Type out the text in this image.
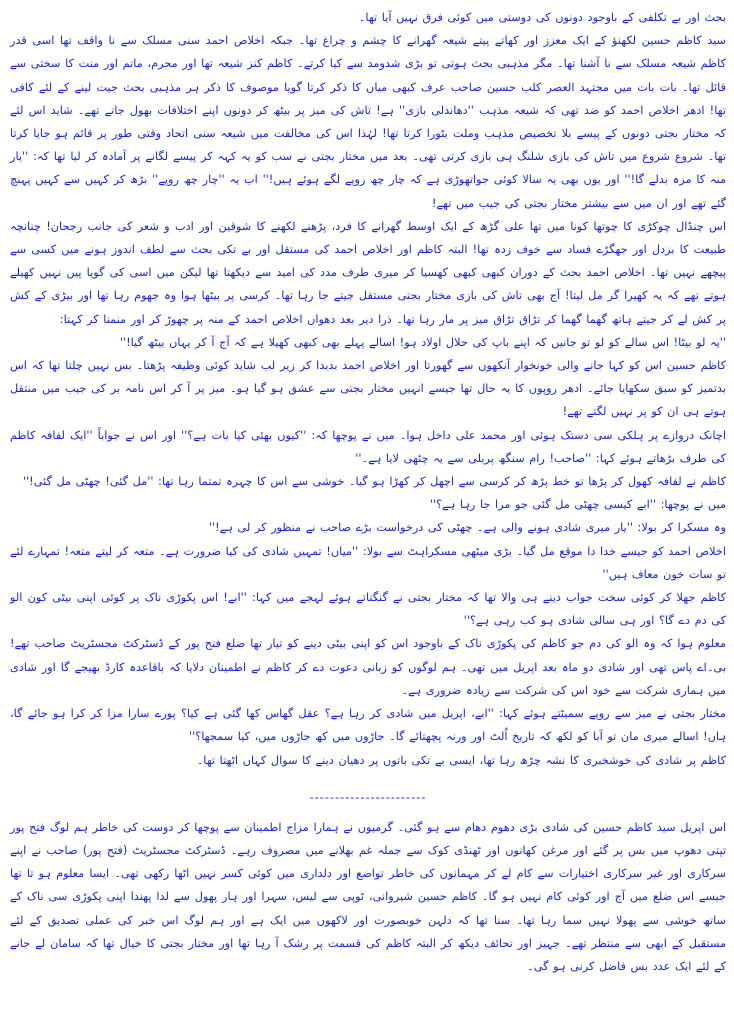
بحث اور بے تکلفی کے باوجود دونوں کی دوستی میں کوئی فرق نہیں آیا تھا۔

سید کاظم حسین لکھنؤ کے ایک معزز اور کھاتے پیتے شیعہ گھرانے کا چشم و چراغ تھا۔ جبکہ اخلاص احمد سنی مسلک سے نا واقف تھا اسی قدر کاظم شیعہ مسلک سے نا آشنا تھا۔ مگر مذہبی بحث ہوتی تو بڑی شدومد سے کیا کرتے۔ کاظم کنز شیعہ تھا اور محرم، ماتم اور منت کا سختی سے قائل تھا۔ بات بات میں مجتہد العصر کلب حسین صاحب عرف کبھی میاں کا ذکر کرتا گویا موصوف کا ذکر ہر مذہبی بحث جیت لینے کے لئے کافی تھا! ادھر اخلاص احمد کو ضد تھی کہ شیعہ مذہب ''دھاندلی بازی'' ہے! تاش کی میز پر بیٹھ کر دونوں اپنے اختلافات بھول جاتے تھے۔ شاید اس لئے کہ مختار بجتی دونوں کے پیسے بلا تخصیص مذہب وملت بٹورا کرتا تھا! لہٰذا اس کی مخالفت میں شیعہ سنی اتحاد وقتی طور پر قائم ہو جایا کرتا تھا۔ شروع شروع میں تاش کی بازی شلنگ ہی بازی کرتی تھی۔ بعد میں مختار بجتی نے سب کو یہ کہہ کر پیسے لگانے پر آمادہ کر لیا تھا کہ: ''یار منہ کا مزہ بدلے گا!'' اور یوں بھی یہ سالا کوئی جواتھوڑی ہے کہ چار چھ روپے لگے ہوئے ہیں!'' اب یہ ''چار چھ روپے'' بڑھ کر کہیں سے کہیں پہنچ گئے تھے اور ان میں سے بیشتر مختار بجتی کی جیب میں تھے!

اس چنڈال چوکڑی کا چوتھا کونا میں تھا علی گڑھ کے ایک اوسط گھرانے کا فرد، پڑھنے لکھنے کا شوقین اور ادب و شعر کی جانب رجحان! چنانچہ طبیعت کا بزدل اور جھگڑے فساد سے خوف زدہ تھا! البتہ کاظم اور اخلاص احمد کی مستقل اور بے تکی بحث سے لطف اندوز ہونے میں کسی سے پیچھے نہیں تھا۔ اخلاص احمد بحث کے دوران کبھی کبھی کھسیا کر میری طرف مدد کی امید سے دیکھتا تھا لیکن میں اسی کی گویا پیں نہیں کھیلے ہوتے تھے کہ یہ کھیرا گر مل لیتا! آج بھی تاش کی بازی مختار بجتی مستقل جیتے جا رہا تھا۔ کرسی پر بیٹھا ہوا وہ جھوم رہا تھا اور بیڑی کے کش پر کش لے کر جیتے ہاتھ گھما گھما کر تڑاق تڑاق میز پر مار رہا تھا۔ ذرا دیر بعد دھواں اخلاص احمد کے منہ پر چھوڑ کر اور منمنا کر کہتا:

''یہ لو بیٹا! اس سالے کو لو تو جانیں کہ اپنے باپ کی حلال اولاد ہو! اسالے پہلے بھی کبھی کھیلا ہے کہ آج آ کر یہاں بیٹھ گیا!''

کاظم حسین اس کو کہا جانے والی خونخوار آنکھوں سے گھورتا اور اخلاص احمد بدبدا کر زیر لب شاید کوئی وظیفہ پڑھتا۔ بس نہیں چلتا تھا کہ اس بدتمیز کو سبق سکھایا جائے۔ ادھر روپوں کا یہ حال تھا جیسے انہیں مختار بجتی سے عشق ہو گیا ہو۔ میز پر آ کر اس نامہ بر کی جیب میں منتقل ہوتے ہی ان کو پر نہیں لگتے تھے!

اچانک دروازے پر ہلکی سی دستک ہوئی اور محمد علی داخل ہوا۔ میں نے پوچھا کہ: ''کیوں بھئی کیا بات ہے؟'' اور اس نے جواباً ''ایک لفافہ کاظم کی طرف بڑھاتے ہوئے کہا: ''صاحب! رام سنگھ پربلی سے یہ چٹھی لایا ہے۔''

کاظم نے لفافہ کھول کر پڑھا تو خط پڑھ کر کرسی سے اچھل کر کھڑا ہو گیا۔ خوشی سے اس کا چہرہ تمتما رہا تھا: ''مل گئی! چھٹی مل گئی!''

میں نے پوچھا: ''ابے کیسی چھٹی مل گئی جو مرا جا رہا ہے؟''

وہ مسکرا کر بولا: ''یار میری شادی ہونے والی ہے۔ چھٹی کی درخواست بڑے صاحب نے منظور کر لی ہے!''

اخلاص احمد کو جیسے خدا دا موقع مل گیا۔ بڑی میٹھی مسکراہٹ سے بولا: ''میاں! تمہیں شادی کی کیا ضرورت ہے۔ متعہ کر لیتے متعہ! تمہارے لئے تو سات خون معاف ہیں''

کاظم جھلا کر کوئی سخت جواب دینے ہی والا تھا کہ مختار بجتی نے گنگناتے ہوئے لہجے میں کہا: ''ابے! اس پکوڑی ناک پر کوئی اپنی بیٹی کون الو کی دم دے گا؟ اور ہی سالی شادی ہو کب رہی ہے؟''

معلوم ہوا کہ وہ الو کی دم جو کاظم کی پکوڑی ناک کے باوجود اس کو اپنی بیٹی دینے کو تیار تھا ضلع فتح پور کے ڈسٹرکٹ مجسٹریٹ صاحب تھے! بی۔اے پاس تھی اور شادی دو ماہ بعد اپریل میں تھی۔ ہم لوگوں کو زبانی دعوت دے کر کاظم نے اطمینان دلایا کہ باقاعدہ کارڈ بھیجے گا اور شادی میں ہماری شرکت سے خود اس کی شرکت سے زیادہ ضروری ہے۔

مختار بجتی نے میز سے روپے سمیٹتے ہوئے کہا: ''ابے، اپریل میں شادی کر رہا ہے؟ عقل گھاس کھا گئی ہے کیا؟ پورے سارا مزا کر کرا ہو جائے گا، ہاں! اسالے میری مان تو آبا کو لکھ کہ تاریخ اُلٹ اور ورنہ پچھتائے گا۔ جاڑوں میں کھ جاڑوں میں، کیا سمجھا؟''

کاظم پر شادی کی خوشخبری کا نشہ چڑھ رہا تھا، ایسی بے تکی باتوں پر دھیان دینے کا سوال کہاں اٹھتا تھا۔

-----------------------

اس اپریل سید کاظم حسین کی شادی بڑی دھوم دھام سے ہو گئی۔ گرمیوں نے ہمارا مزاج اطمینان سے پوچھا کر دوست کی خاطر ہم لوگ فتح پور تپتی دھوپ میں بس پر گئے اور مرغن کھانوں اور ٹھنڈی کوک سے جملہ غم بھلانے میں مصروف رہے۔ ڈسٹرکٹ مجسٹریٹ (فتح پور) صاحب نے اپنے سرکاری اور غیر سرکاری اختیارات سے کام لے کر مہمانوں کی خاطر تواضع اور دلداری میں کوئی کسر نہیں اٹھا رکھی تھی۔ ایسا معلوم ہو تا تھا جیسے اس ضلع میں آج اور کوئی کام نہیں ہو گا۔ کاظم حسین شیروانی، ٹوپی سے لیس، سہرا اور ہار پھول سے لدا پھندا اپنی پکوڑی سی ناک کے ساتھ خوشی سے پھولا نہیں سما رہا تھا۔ سنا تھا کہ دلہن خوبصورت اور لاکھوں میں ایک ہے اور ہم لوگ اس خبر کی عملی تصدیق کے لئے مستقبل کے ابھی سے منتظر تھے۔ جہیز اور تحائف دیکھ کر البتہ کاظم کی قسمت پر رشک آ رہا تھا اور مختار بجتی کا خیال تھا کہ سامان لے جانے کے لئے ایک عدد بس فاضل کرنی ہو گی۔
